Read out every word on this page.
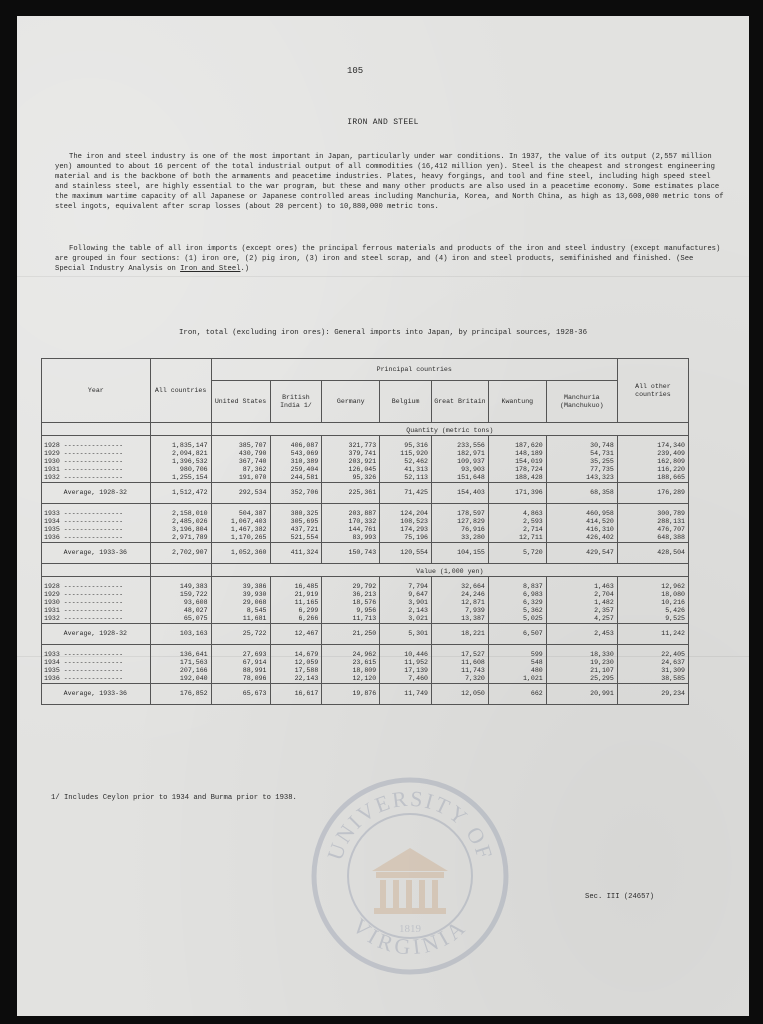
105
IRON AND STEEL

The iron and steel industry is one of the most important in Japan, particularly under war conditions. In 1937, the value of its output (2,557 million yen) amounted to about 16 percent of the total industrial output of all commodities (16,412 million yen). Steel is the cheapest and strongest engineering material and is the backbone of both the armaments and peacetime industries. Plates, heavy forgings, and tool and fine steel, including high speed steel and stainless steel, are highly essential to the war program, but these and many other products are also used in a peacetime economy. Some estimates place the maximum wartime capacity of all Japanese or Japanese controlled areas including Manchuria, Korea, and North China, as high as 13,600,000 metric tons of steel ingots, equivalent after scrap losses (about 20 percent) to 10,880,000 metric tons.

Following the table of all iron imports (except ores) the principal ferrous materials and products of the iron and steel industry (except manufactures) are grouped in four sections: (1) iron ore, (2) pig iron, (3) iron and steel scrap, and (4) iron and steel products, semifinished and finished. (See Special Industry Analysis on Iron and Steel.)

Iron, total (excluding iron ores): General imports into Japan, by principal sources, 1928-36
Year	All countries	Principal countries							All other countries
		United States	British India 1/	Germany	Belgium	Great Britain	Kwantung	Manchuria (Manchukuo)	
		Quantity (metric tons)							

1928 ---------------	1,835,147	385,707	406,087	321,773	95,316	233,556	187,620	30,748	174,340
1929 ---------------	2,094,821	430,790	543,069	379,741	115,920	182,971	148,189	54,731	239,409
1930 ---------------	1,396,532	367,740	310,389	203,921	52,462	109,937	154,019	35,255	162,809
1931 ---------------	980,706	87,362	259,404	126,045	41,313	93,903	178,724	77,735	116,220
1932 ---------------	1,255,154	191,070	244,581	95,326	52,113	151,648	188,428	143,323	188,665
Average, 1928-32	1,512,472	292,534	352,706	225,361	71,425	154,403	171,396	68,358	176,289

1933 ---------------	2,158,010	504,387	380,325	203,887	124,204	178,597	4,863	460,958	300,789
1934 ---------------	2,485,026	1,067,403	305,695	170,332	108,523	127,829	2,593	414,520	288,131
1935 ---------------	3,196,804	1,467,382	437,721	144,761	174,293	76,916	2,714	416,310	476,707
1936 ---------------	2,971,789	1,170,265	521,554	83,993	75,196	33,280	12,711	426,402	648,388
Average, 1933-36	2,702,907	1,052,360	411,324	150,743	120,554	104,155	5,720	429,547	428,504
		Value (1,000 yen)							

1928 ---------------	149,383	39,386	16,485	29,792	7,794	32,664	8,837	1,463	12,962
1929 ---------------	159,722	39,930	21,919	36,213	9,647	24,246	6,983	2,704	18,080
1930 ---------------	93,608	29,068	11,165	18,576	3,901	12,871	6,329	1,482	10,216
1931 ---------------	48,027	8,545	6,299	9,956	2,143	7,939	5,362	2,357	5,426
1932 ---------------	65,075	11,681	6,266	11,713	3,021	13,387	5,025	4,257	9,525
Average, 1928-32	103,163	25,722	12,467	21,250	5,301	18,221	6,507	2,453	11,242

1933 ---------------	136,641	27,693	14,679	24,962	10,446	17,527	599	18,330	22,405
1934 ---------------	171,563	67,914	12,059	23,615	11,952	11,608	548	19,230	24,637
1935 ---------------	207,166	88,991	17,588	18,809	17,139	11,743	480	21,107	31,309
1936 ---------------	192,040	78,096	22,143	12,120	7,460	7,320	1,021	25,295	38,585
Average, 1933-36	176,852	65,673	16,617	19,876	11,749	12,050	662	20,991	29,234
1/ Includes Ceylon prior to 1934 and Burma prior to 1938.
UNIVERSITY OF
VIRGINIA
1819
Sec. III (24657)
